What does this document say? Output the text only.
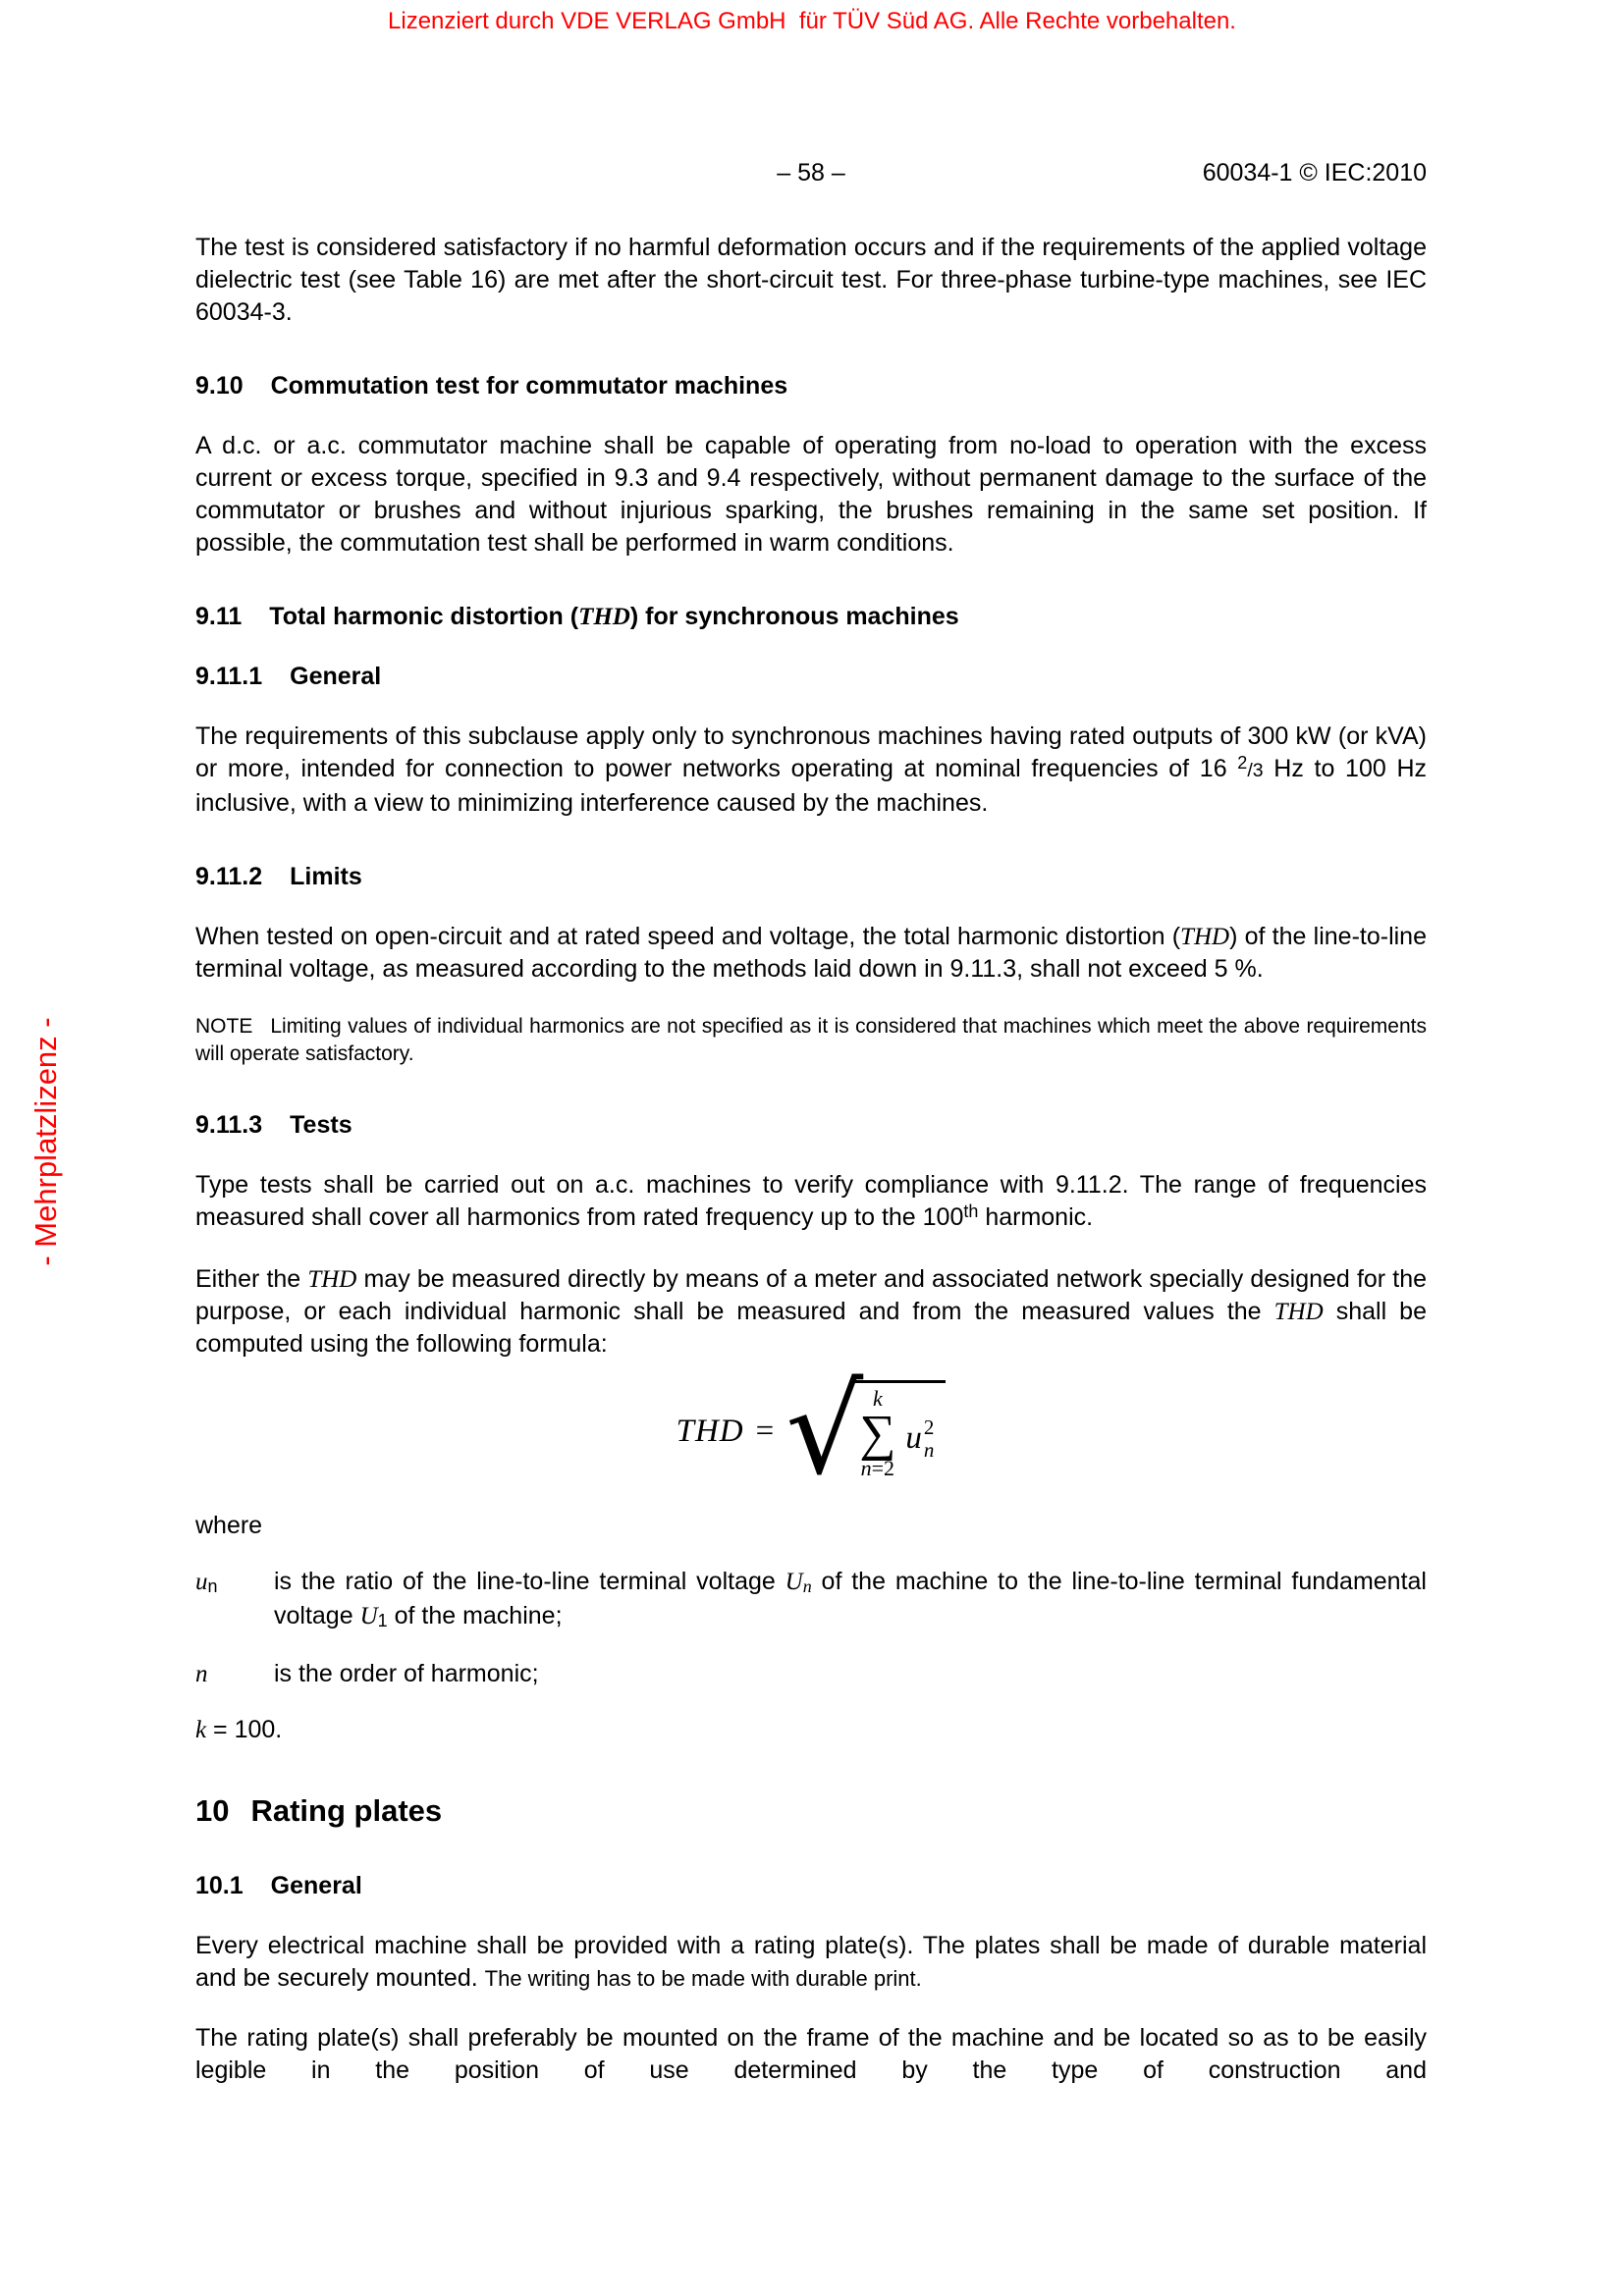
Lizenziert durch VDE VERLAG GmbH  für TÜV Süd AG. Alle Rechte vorbehalten.
- Mehrplatzlizenz -
– 58 –	60034-1 © IEC:2010

The test is considered satisfactory if no harmful deformation occurs and if the requirements of the applied voltage dielectric test (see Table 16) are met after the short-circuit test. For three-phase turbine-type machines, see IEC 60034-3.

9.10 Commutation test for commutator machines

A d.c. or a.c. commutator machine shall be capable of operating from no-load to operation with the excess current or excess torque, specified in 9.3 and 9.4 respectively, without permanent damage to the surface of the commutator or brushes and without injurious sparking, the brushes remaining in the same set position. If possible, the commutation test shall be performed in warm conditions.

9.11 Total harmonic distortion (THD) for synchronous machines
9.11.1 General

The requirements of this subclause apply only to synchronous machines having rated outputs of 300 kW (or kVA) or more, intended for connection to power networks operating at nominal frequencies of 16 $^2$/3 Hz to 100 Hz inclusive, with a view to minimizing interference caused by the machines.

9.11.2 Limits

When tested on open-circuit and at rated speed and voltage, the total harmonic distortion (THD) of the line-to-line terminal voltage, as measured according to the methods laid down in 9.11.3, shall not exceed 5 %.

NOTE Limiting values of individual harmonics are not specified as it is considered that machines which meet the above requirements will operate satisfactory.

9.11.3 Tests

Type tests shall be carried out on a.c. machines to verify compliance with 9.11.2. The range of frequencies measured shall cover all harmonics from rated frequency up to the 100th harmonic.

Either the THD may be measured directly by means of a meter and associated network specially designed for the purpose, or each individual harmonic shall be measured and from the measured values the THD shall be computed using the following formula:

THD = √ k
∑
n=2
u 2
n

where

un	is the ratio of the line-to-line terminal voltage Un of the machine to the line-to-line terminal fundamental voltage U1 of the machine;
n	is the order of harmonic;
k = 100.
10 Rating plates
10.1 General

Every electrical machine shall be provided with a rating plate(s). The plates shall be made of durable material and be securely mounted. The writing has to be made with durable print.

The rating plate(s) shall preferably be mounted on the frame of the machine and be located so as to be easily legible in the position of use determined by the type of construction and
